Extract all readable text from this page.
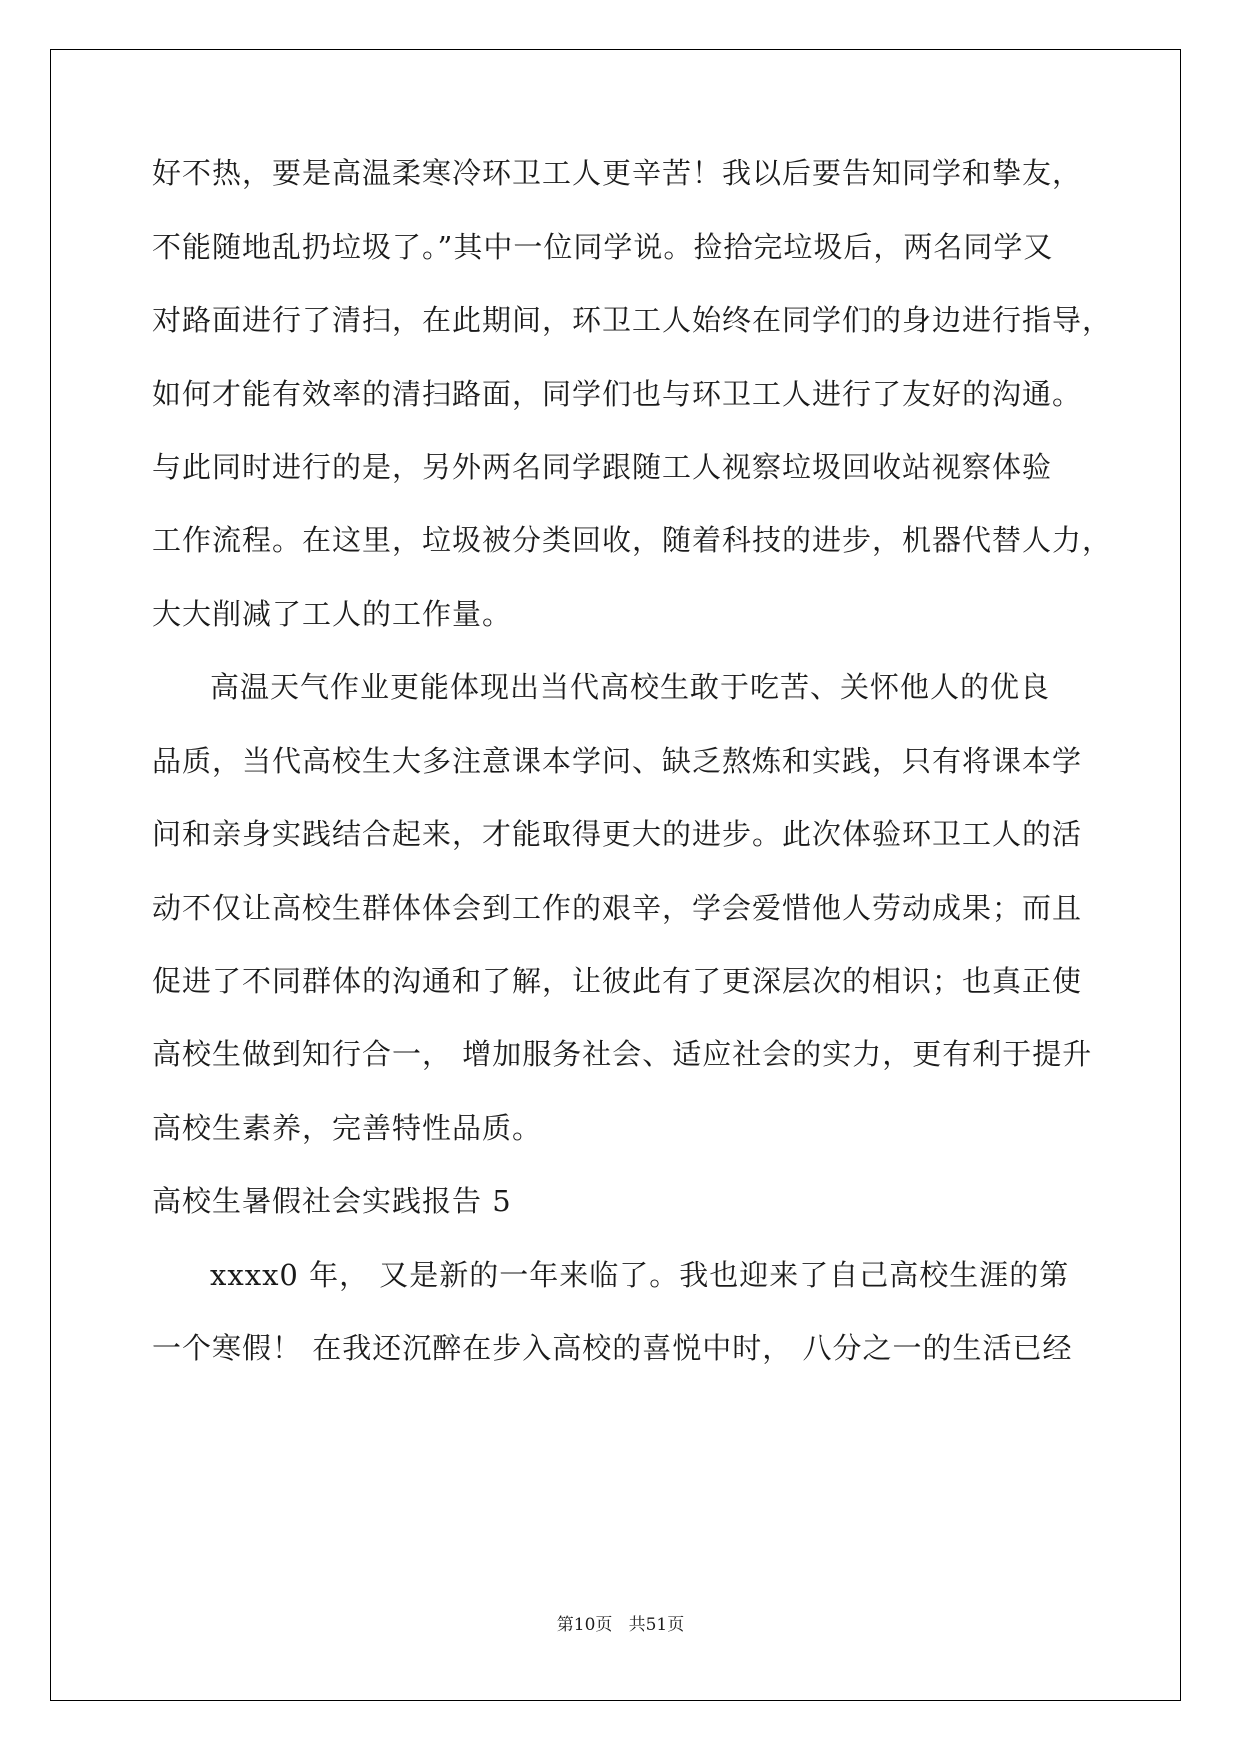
好不热，要是高温柔寒冷环卫工人更辛苦！我以后要告知同学和挚友，
不能随地乱扔垃圾了。”其中一位同学说。捡拾完垃圾后，两名同学又
对路面进行了清扫，在此期间，环卫工人始终在同学们的身边进行指导，
如何才能有效率的清扫路面，同学们也与环卫工人进行了友好的沟通。
与此同时进行的是，另外两名同学跟随工人视察垃圾回收站视察体验
工作流程。在这里，垃圾被分类回收，随着科技的进步，机器代替人力，
大大削减了工人的工作量。
高温天气作业更能体现出当代高校生敢于吃苦、关怀他人的优良
品质，当代高校生大多注意课本学问、缺乏熬炼和实践，只有将课本学
问和亲身实践结合起来，才能取得更大的进步。此次体验环卫工人的活
动不仅让高校生群体体会到工作的艰辛，学会爱惜他人劳动成果；而且
促进了不同群体的沟通和了解，让彼此有了更深层次的相识；也真正使
高校生做到知行合一， 增加服务社会、适应社会的实力，更有利于提升
高校生素养，完善特性品质。
高校生暑假社会实践报告 5
xxxx0 年， 又是新的一年来临了。我也迎来了自己高校生涯的第
一个寒假！ 在我还沉醉在步入高校的喜悦中时， 八分之一的生活已经
第10页 共51页
